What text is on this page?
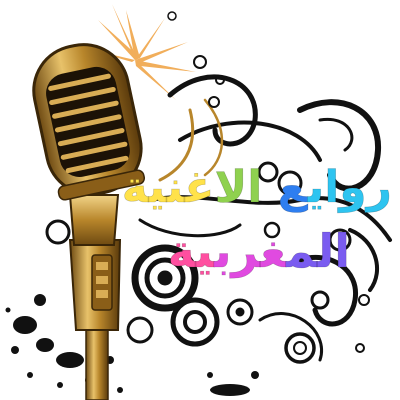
روايع الاغنية
المغربية
